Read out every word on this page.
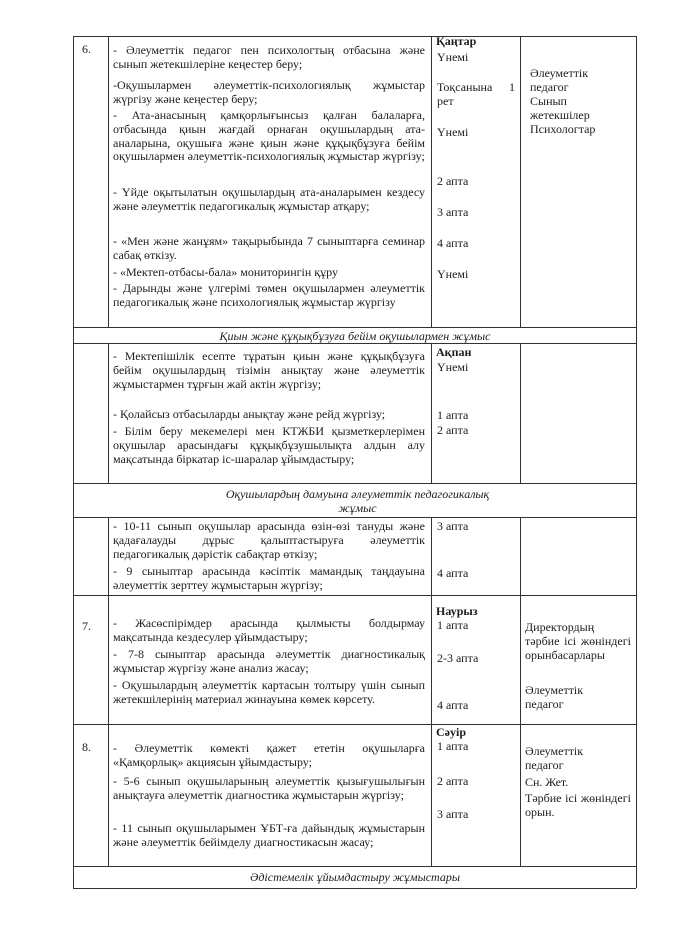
6.
Қаңтар
- Әлеуметтік педагог пен психологтың отбасына және сынып жетекшілеріне кеңестер беру;
-Оқушылармен әлеуметтік-психологиялық жұмыстар жүргізу және кеңестер беру;
- Ата-анасының қамқорлығынсыз қалған балаларға, отбасында қиын жағдай орнаған оқушылардың ата-аналарына, оқушыға және қиын және құқықбұзуға бейім оқушылармен әлеуметтік-психологиялық жұмыстар жүргізу;
- Үйде оқытылатын оқушылардың ата-аналарымен кездесу және әлеуметтік педагогикалық жұмыстар атқару;
- «Мен және жанұям» тақырыбында 7 сыныптарға семинар сабақ өткізу.
- «Мектеп-отбасы-бала» мониторингін құру
- Дарынды және үлгерімі төмен оқушылармен әлеуметтік педагогикалық және психологиялық жұмыстар жүргізу
Үнемі
Тоқсанына 1 рет
Үнемі
2 апта
3 апта
4 апта
Үнемі
Әлеуметтік педагог
Сынып жетекшілер
Психологтар
Қиын және құқықбұзуға бейім оқушылармен жұмыс
Ақпан
- Мектепішілік есепте тұратын қиын және құқықбұзуға бейім оқушылардың тізімін анықтау және әлеуметтік жұмыстармен тұрғын жай актін жүргізу;
- Қолайсыз отбасыларды анықтау және рейд жүргізу;
- Білім беру мекемелері мен КТЖБИ қызметкерлерімен оқушылар арасындағы құқықбұзушылықта алдын алу мақсатында біркатар іс-шаралар ұйымдастыру;
Үнемі
1 апта
2 апта
Оқушылардың дамуына әлеуметтік педагогикалық жұмыс
- 10-11 сынып оқушылар арасында өзін-өзі тануды және қадағалауды дұрыс қалыптастыруға әлеуметтік педагогикалық дәрістік сабақтар өткізу;
- 9 сыныптар арасында кәсіптік мамандық таңдауына әлеуметтік зерттеу жұмыстарын жүргізу;
3 апта
4 апта
7.
Наурыз
- Жасөспірімдер арасында қылмысты болдырмау мақсатында кездесулер ұйымдастыру;
- 7-8 сыныптар арасында әлеуметтік диагностикалық жұмыстар жүргізу және анализ жасау;
- Оқушылардың әлеуметтік картасын толтыру үшін сынып жетекшілерінің материал жинауына көмек көрсету.
1 апта
2-3 апта
4 апта
Директордың тәрбие ісі жөніндегі орынбасарлары
Әлеуметтік педагог
8.
Сәуір
- Әлеуметтік көмекті қажет ететін оқушыларға «Қамқорлық» акциясын ұйымдастыру;
- 5-6 сынып оқушыларының әлеуметтік қызығушылығын анықтауға әлеуметтік диагностика жұмыстарын жүргізу;
- 11 сынып оқушыларымен ҰБТ-ға дайындық жұмыстарын және әлеуметтік бейімделу диагностикасын жасау;
1 апта
2 апта
3 апта
Әлеуметтік педагог
Сн. Жет.
Тәрбие ісі жөніндегі орын.
Әдістемелік ұйымдастыру жұмыстары
